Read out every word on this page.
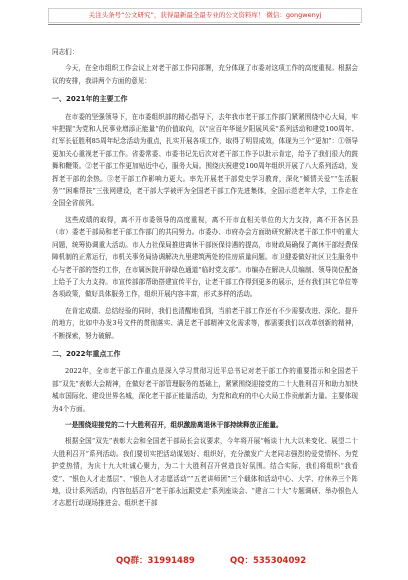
关注头条号“公文研究”，获得最新最全最专业的公文资料库！ 微信：gongwenyj

同志们：

今天，在全市组织工作会议上对老干部工作同部署，充分体现了市委对这项工作的高度重视。根据会议的安排，我讲两个方面的意见：

一、2021年的主要工作

在市委的坚强领导下，在市委组织部的精心指导下，去年我市老干部工作部门紧紧围绕中心大局，牢牢把握“为党和人民事业增添正能量”的价值取向，以“应百年华诞夕阳展风采”系列活动和建党100周年、红军长征胜利85周年纪念活动为重点，扎实开展各项工作，取得了明显成效，体现为三个“更加”：①领导更加关心重视老干部工作。省委常委、市委书记先后次对老干部工作予以批示肯定，给予了我们很大的鼓舞和鞭策。②老干部工作更加贴近中心，服务大局。围绕庆祝建党100周年组织开展了八大系列活动，发挥老干部的余热。③老干部工作影响力更大。率先开展老干部党史学习教育，深化“倾情关爱”“生活服务”“困难帮扶”三张网建设，老干部大学被评为全国老干部工作先进集体，全国示范老年大学，工作走在全国全省前列。

这些成绩的取得，离不开市委领导的高度重视，离不开市直相关单位的大力支持，离不开各区县（市）委老干部局和老干部工作部门的共同努力。市委办、市府办会方面助研究解决老干部工作中的重大问题，统筹协调重大活动。市人力社保局推进离休干部医保待遇的提高，市财政局确保了离休干部经费保障机制的正常运行，市机关事务局协调解决九里建筑两处的住房质量问题。市卫健委做好社区卫生服务中心与老干部的签约工作，在市属医院开辟绿色通道“临时党支部”。市编办在解决人员编制、领导岗位配备上给予了大力支持。市宣传部部帮助搭建宣传平台，让老干部工作得到更多的展示，还有我们其它单位等各项政策，做好具体服务工作，组织开展内容丰富，形式多样的活动。

在肯定成绩、总结经验的同时，我们也清醒地看到，当前老干部工作还有不少需要改进、深化、提升的地方，比如中办发3号文件的贯彻落实、满足老干部精神文化需求等，都需要我们以改革创新的精神，不断探索，努力破解。

二、2022年重点工作

2022年，全市老干部工作重点是深入学习贯彻习近平总书记对老干部工作的重要指示和全国老干部“双先”表彰大会精神，在做好老干部管理服务的基础上，紧紧围绕迎接党的二十大胜利召开和助力加快城市国际化、建设世界名城，深化老干部正能量活动，为党和政府的中心大局工作贡献新力量。主要体现为4个方面。

一是围绕迎接党的二十大胜利召开，组织激励离退休干部持续释放正能量。

根据全国“双先”表彰大会和全国老干部局长会议要求，今年将开展“畅谈十九大以来变化、展望二十大胜利召开”系列活动。我们要切实把活动谋划好、组织好，充分激发广大老同志强烈的爱党情怀、为党护党热情，为庆十九大吐诚心聚力，为二十大胜利召开营造良好氛围。结合实际，我们将组织“我看党”、“银色人才走基层”、“银色人才志愿活动”“五老讲师团”三个载体和活动中心、大学、疗休养三个阵地，设计系列活动，内容包括召开“老干部永远跟党走”系列座谈会、“建言二十大”专题调研、举办银色人才志愿行动现场推进会、组织老干部

QQ群：31991489	QQ：535304092
